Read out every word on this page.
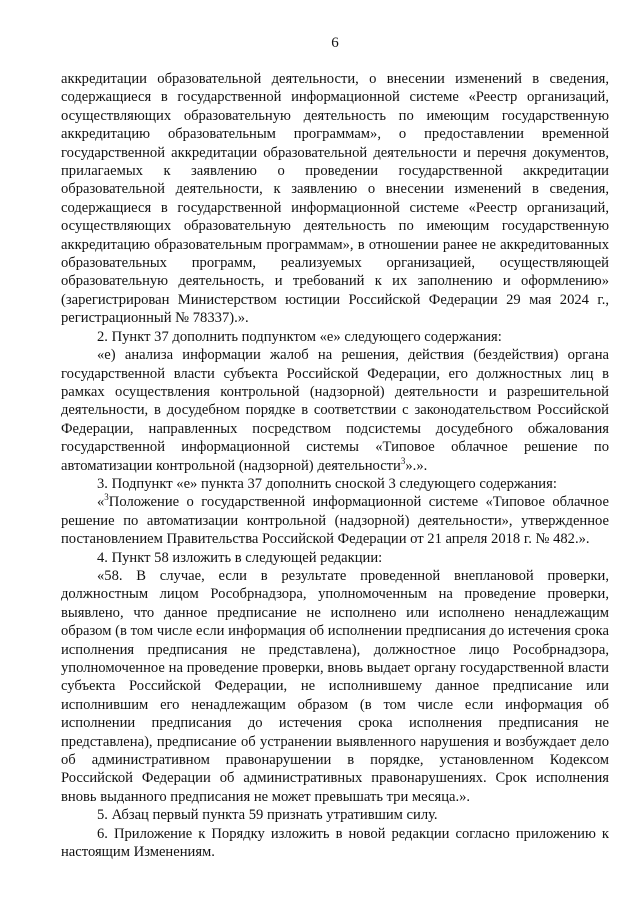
6

аккредитации образовательной деятельности, о внесении изменений в сведения, содержащиеся в государственной информационной системе «Реестр организаций, осуществляющих образовательную деятельность по имеющим государственную аккредитацию образовательным программам», о предоставлении временной государственной аккредитации образовательной деятельности и перечня документов, прилагаемых к заявлению о проведении государственной аккредитации образовательной деятельности, к заявлению о внесении изменений в сведения, содержащиеся в государственной информационной системе «Реестр организаций, осуществляющих образовательную деятельность по имеющим государственную аккредитацию образовательным программам», в отношении ранее не аккредитованных образовательных программ, реализуемых организацией, осуществляющей образовательную деятельность, и требований к их заполнению и оформлению» (зарегистрирован Министерством юстиции Российской Федерации 29 мая 2024 г., регистрационный № 78337).».

2. Пункт 37 дополнить подпунктом «е» следующего содержания:

«е) анализа информации жалоб на решения, действия (бездействия) органа государственной власти субъекта Российской Федерации, его должностных лиц в рамках осуществления контрольной (надзорной) деятельности и разрешительной деятельности, в досудебном порядке в соответствии с законодательством Российской Федерации, направленных посредством подсистемы досудебного обжалования государственной информационной системы «Типовое облачное решение по автоматизации контрольной (надзорной) деятельности$^3$».».

3. Подпункт «е» пункта 37 дополнить сноской 3 следующего содержания:

«$^3$Положение о государственной информационной системе «Типовое облачное решение по автоматизации контрольной (надзорной) деятельности», утвержденное постановлением Правительства Российской Федерации от 21 апреля 2018 г. № 482.».

4. Пункт 58 изложить в следующей редакции:

«58. В случае, если в результате проведенной внеплановой проверки, должностным лицом Рособрнадзора, уполномоченным на проведение проверки, выявлено, что данное предписание не исполнено или исполнено ненадлежащим образом (в том числе если информация об исполнении предписания до истечения срока исполнения предписания не представлена), должностное лицо Рособрнадзора, уполномоченное на проведение проверки, вновь выдает органу государственной власти субъекта Российской Федерации, не исполнившему данное предписание или исполнившим его ненадлежащим образом (в том числе если информация об исполнении предписания до истечения срока исполнения предписания не представлена), предписание об устранении выявленного нарушения и возбуждает дело об административном правонарушении в порядке, установленном Кодексом Российской Федерации об административных правонарушениях. Срок исполнения вновь выданного предписания не может превышать три месяца.».

5. Абзац первый пункта 59 признать утратившим силу.

6. Приложение к Порядку изложить в новой редакции согласно приложению к настоящим Изменениям.
